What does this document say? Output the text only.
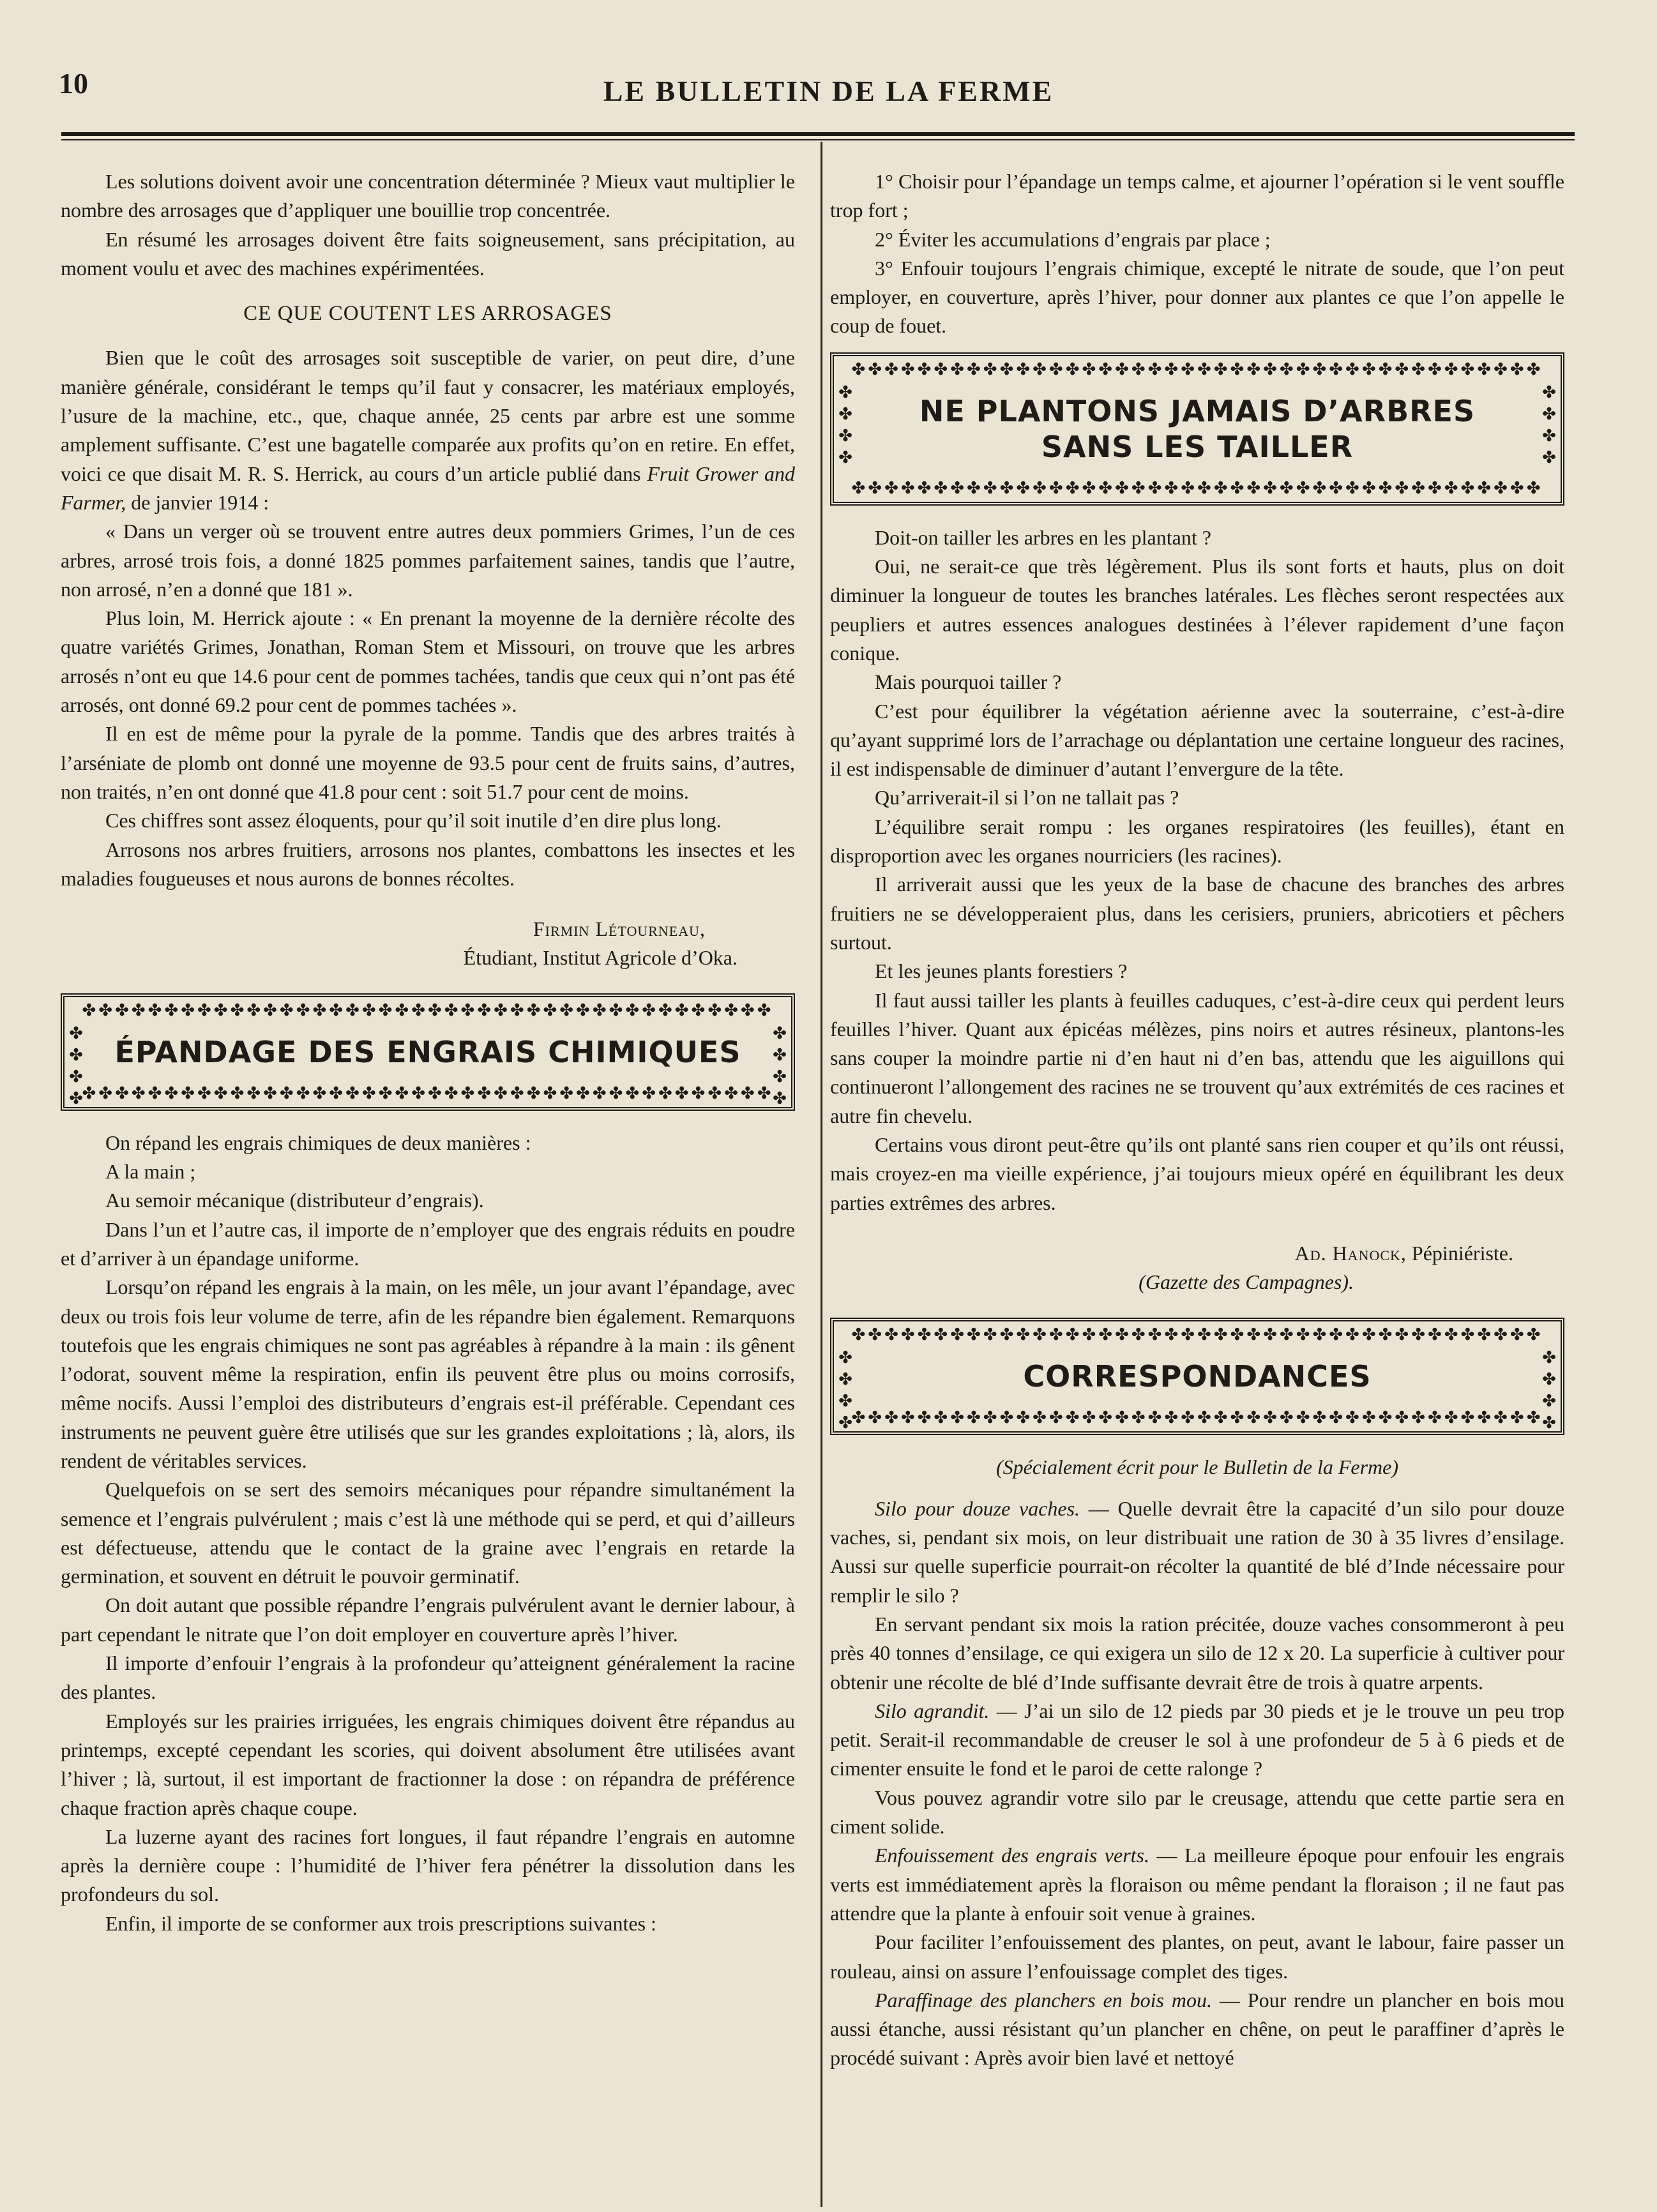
10	LE BULLETIN DE LA FERME

Les solutions doivent avoir une concentration déterminée ? Mieux vaut multiplier le nombre des arrosages que d’appliquer une bouillie trop concentrée.

En résumé les arrosages doivent être faits soigneusement, sans précipitation, au moment voulu et avec des machines expérimentées.

CE QUE COUTENT LES ARROSAGES

Bien que le coût des arrosages soit susceptible de varier, on peut dire, d’une manière générale, considérant le temps qu’il faut y consacrer, les matériaux employés, l’usure de la machine, etc., que, chaque année, 25 cents par arbre est une somme amplement suffisante. C’est une bagatelle comparée aux profits qu’on en retire. En effet, voici ce que disait M. R. S. Herrick, au cours d’un article publié dans Fruit Grower and Farmer, de janvier 1914 :

« Dans un verger où se trouvent entre autres deux pommiers Grimes, l’un de ces arbres, arrosé trois fois, a donné 1825 pommes parfaitement saines, tandis que l’autre, non arrosé, n’en a donné que 181 ».

Plus loin, M. Herrick ajoute : « En prenant la moyenne de la dernière récolte des quatre variétés Grimes, Jonathan, Roman Stem et Missouri, on trouve que les arbres arrosés n’ont eu que 14.6 pour cent de pommes tachées, tandis que ceux qui n’ont pas été arrosés, ont donné 69.2 pour cent de pommes tachées ».

Il en est de même pour la pyrale de la pomme. Tandis que des arbres traités à l’arséniate de plomb ont donné une moyenne de 93.5 pour cent de fruits sains, d’autres, non traités, n’en ont donné que 41.8 pour cent : soit 51.7 pour cent de moins.

Ces chiffres sont assez éloquents, pour qu’il soit inutile d’en dire plus long.

Arrosons nos arbres fruitiers, arrosons nos plantes, combattons les insectes et les maladies fougueuses et nous aurons de bonnes récoltes.

Firmin Létourneau,

Étudiant, Institut Agricole d’Oka.

✤✤✤✤✤✤✤✤✤✤✤✤✤✤✤✤✤✤✤✤✤✤✤✤✤✤✤✤✤✤✤✤✤✤✤✤✤✤✤✤✤✤
✤✤✤✤
✤✤✤✤
ÉPANDAGE DES ENGRAIS CHIMIQUES
✤✤✤✤✤✤✤✤✤✤✤✤✤✤✤✤✤✤✤✤✤✤✤✤✤✤✤✤✤✤✤✤✤✤✤✤✤✤✤✤✤✤

On répand les engrais chimiques de deux manières :

A la main ;

Au semoir mécanique (distributeur d’engrais).

Dans l’un et l’autre cas, il importe de n’employer que des engrais réduits en poudre et d’arriver à un épandage uniforme.

Lorsqu’on répand les engrais à la main, on les mêle, un jour avant l’épandage, avec deux ou trois fois leur volume de terre, afin de les répandre bien également. Remarquons toutefois que les engrais chimiques ne sont pas agréables à répandre à la main : ils gênent l’odorat, souvent même la respiration, enfin ils peuvent être plus ou moins corrosifs, même nocifs. Aussi l’emploi des distributeurs d’engrais est-il préférable. Cependant ces instruments ne peuvent guère être utilisés que sur les grandes exploitations ; là, alors, ils rendent de véritables services.

Quelquefois on se sert des semoirs mécaniques pour répandre simultanément la semence et l’engrais pulvérulent ; mais c’est là une méthode qui se perd, et qui d’ailleurs est défectueuse, attendu que le contact de la graine avec l’engrais en retarde la germination, et souvent en détruit le pouvoir germinatif.

On doit autant que possible répandre l’engrais pulvérulent avant le dernier labour, à part cependant le nitrate que l’on doit employer en couverture après l’hiver.

Il importe d’enfouir l’engrais à la profondeur qu’atteignent généralement la racine des plantes.

Employés sur les prairies irriguées, les engrais chimiques doivent être répandus au printemps, excepté cependant les scories, qui doivent absolument être utilisées avant l’hiver ; là, surtout, il est important de fractionner la dose : on répandra de préférence chaque fraction après chaque coupe.

La luzerne ayant des racines fort longues, il faut répandre l’engrais en automne après la dernière coupe : l’humidité de l’hiver fera pénétrer la dissolution dans les profondeurs du sol.

Enfin, il importe de se conformer aux trois prescriptions suivantes :

1° Choisir pour l’épandage un temps calme, et ajourner l’opération si le vent souffle trop fort ;

2° Éviter les accumulations d’engrais par place ;

3° Enfouir toujours l’engrais chimique, excepté le nitrate de soude, que l’on peut employer, en couverture, après l’hiver, pour donner aux plantes ce que l’on appelle le coup de fouet.

✤✤✤✤✤✤✤✤✤✤✤✤✤✤✤✤✤✤✤✤✤✤✤✤✤✤✤✤✤✤✤✤✤✤✤✤✤✤✤✤✤✤
✤✤✤✤
✤✤✤✤
NE PLANTONS JAMAIS D’ARBRES
SANS LES TAILLER
✤✤✤✤✤✤✤✤✤✤✤✤✤✤✤✤✤✤✤✤✤✤✤✤✤✤✤✤✤✤✤✤✤✤✤✤✤✤✤✤✤✤

Doit-on tailler les arbres en les plantant ?

Oui, ne serait-ce que très légèrement. Plus ils sont forts et hauts, plus on doit diminuer la longueur de toutes les branches latérales. Les flèches seront respectées aux peupliers et autres essences analogues destinées à l’élever rapidement d’une façon conique.

Mais pourquoi tailler ?

C’est pour équilibrer la végétation aérienne avec la souterraine, c’est-à-dire qu’ayant supprimé lors de l’arrachage ou déplantation une certaine longueur des racines, il est indispensable de diminuer d’autant l’envergure de la tête.

Qu’arriverait-il si l’on ne tallait pas ?

L’équilibre serait rompu : les organes respiratoires (les feuilles), étant en disproportion avec les organes nourriciers (les racines).

Il arriverait aussi que les yeux de la base de chacune des branches des arbres fruitiers ne se développeraient plus, dans les cerisiers, pruniers, abricotiers et pêchers surtout.

Et les jeunes plants forestiers ?

Il faut aussi tailler les plants à feuilles caduques, c’est-à-dire ceux qui perdent leurs feuilles l’hiver. Quant aux épicéas mélèzes, pins noirs et autres résineux, plantons-les sans couper la moindre partie ni d’en haut ni d’en bas, attendu que les aiguillons qui continueront l’allongement des racines ne se trouvent qu’aux extrémités de ces racines et autre fin chevelu.

Certains vous diront peut-être qu’ils ont planté sans rien couper et qu’ils ont réussi, mais croyez-en ma vieille expérience, j’ai toujours mieux opéré en équilibrant les deux parties extrêmes des arbres.

Ad. Hanock, Pépiniériste.

(Gazette des Campagnes).

✤✤✤✤✤✤✤✤✤✤✤✤✤✤✤✤✤✤✤✤✤✤✤✤✤✤✤✤✤✤✤✤✤✤✤✤✤✤✤✤✤✤
✤✤✤✤
✤✤✤✤
CORRESPONDANCES
✤✤✤✤✤✤✤✤✤✤✤✤✤✤✤✤✤✤✤✤✤✤✤✤✤✤✤✤✤✤✤✤✤✤✤✤✤✤✤✤✤✤
(Spécialement écrit pour le Bulletin de la Ferme)

Silo pour douze vaches. — Quelle devrait être la capacité d’un silo pour douze vaches, si, pendant six mois, on leur distribuait une ration de 30 à 35 livres d’ensilage. Aussi sur quelle superficie pourrait-on récolter la quantité de blé d’Inde nécessaire pour remplir le silo ?

En servant pendant six mois la ration précitée, douze vaches consommeront à peu près 40 tonnes d’ensilage, ce qui exigera un silo de 12 x 20. La superficie à cultiver pour obtenir une récolte de blé d’Inde suffisante devrait être de trois à quatre arpents.

Silo agrandit. — J’ai un silo de 12 pieds par 30 pieds et je le trouve un peu trop petit. Serait-il recommandable de creuser le sol à une profondeur de 5 à 6 pieds et de cimenter ensuite le fond et le paroi de cette ralonge ?

Vous pouvez agrandir votre silo par le creusage, attendu que cette partie sera en ciment solide.

Enfouissement des engrais verts. — La meilleure époque pour enfouir les engrais verts est immédiatement après la floraison ou même pendant la floraison ; il ne faut pas attendre que la plante à enfouir soit venue à graines.

Pour faciliter l’enfouissement des plantes, on peut, avant le labour, faire passer un rouleau, ainsi on assure l’enfouissage complet des tiges.

Paraffinage des planchers en bois mou. — Pour rendre un plancher en bois mou aussi étanche, aussi résistant qu’un plancher en chêne, on peut le paraffiner d’après le procédé suivant : Après avoir bien lavé et nettoyé
